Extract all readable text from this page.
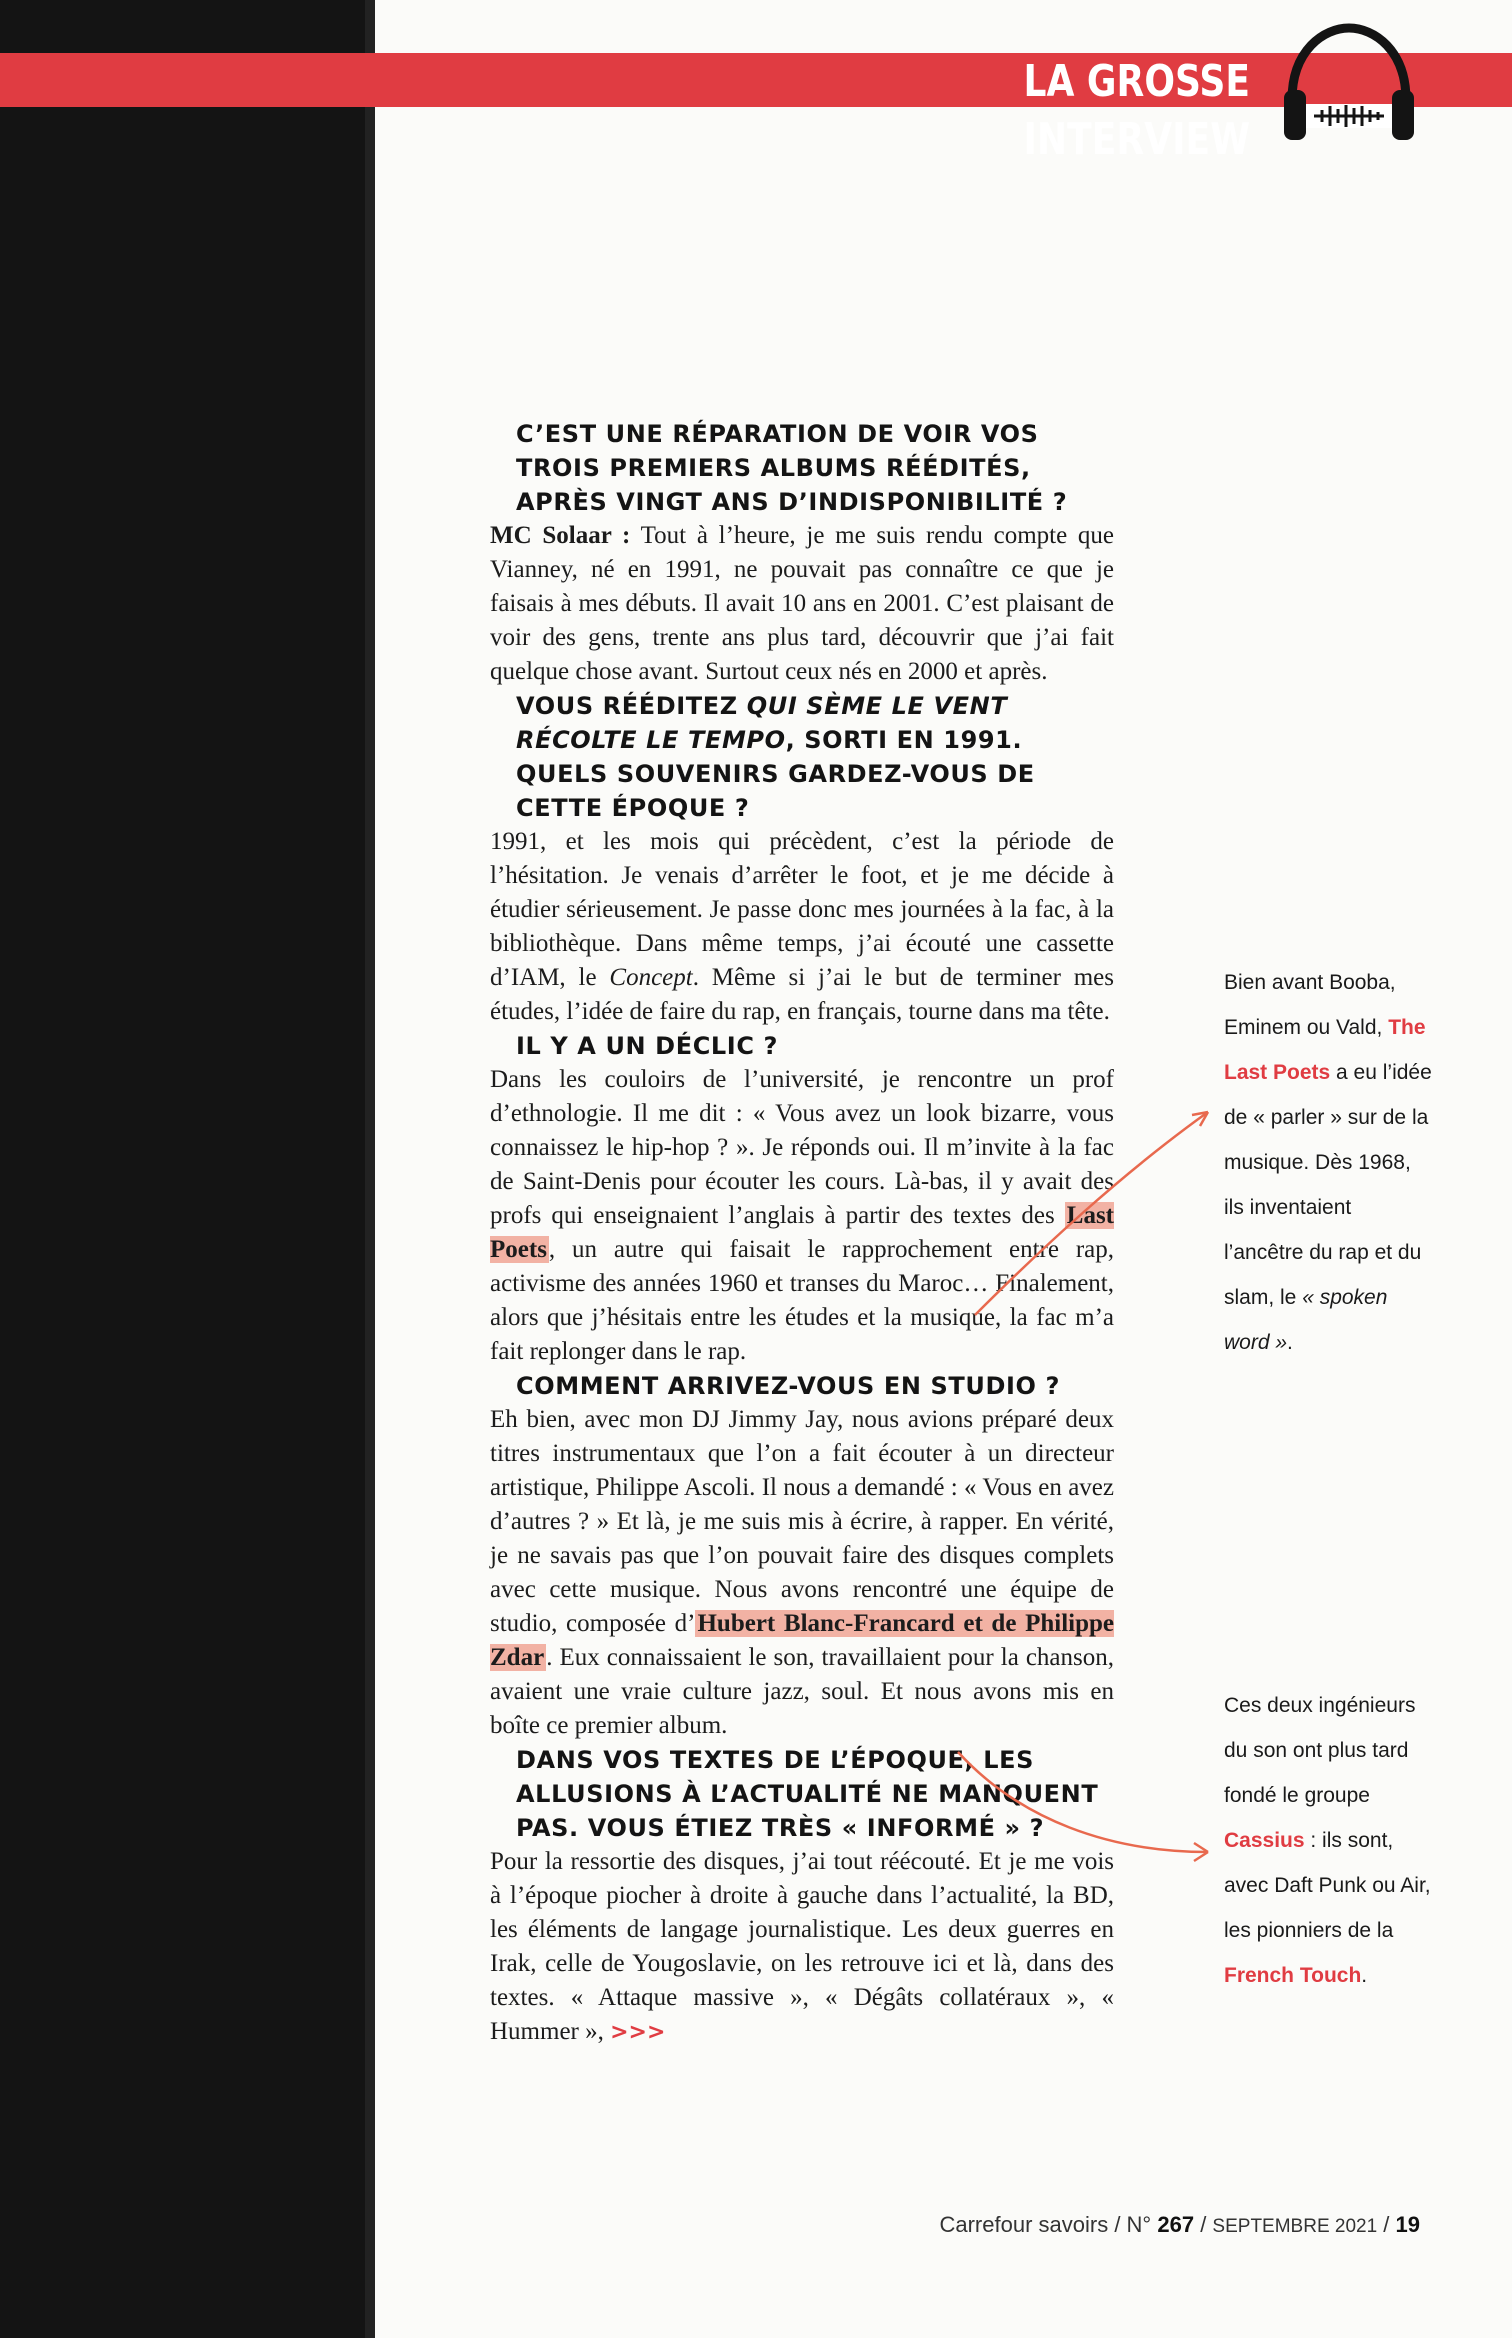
LA GROSSE INTERVIEW

C’EST UNE RÉPARATION DE VOIR VOS TROIS PREMIERS ALBUMS RÉÉDITÉS, APRÈS VINGT ANS D’INDISPONIBILITÉ ?

MC Solaar : Tout à l’heure, je me suis rendu compte que Vianney, né en 1991, ne pouvait pas connaître ce que je faisais à mes débuts. Il avait 10 ans en 2001. C’est plaisant de voir des gens, trente ans plus tard, découvrir que j’ai fait quelque chose avant. Surtout ceux nés en 2000 et après.

VOUS RÉÉDITEZ QUI SÈME LE VENT RÉCOLTE LE TEMPO, SORTI EN 1991. QUELS SOUVENIRS GARDEZ-VOUS DE CETTE ÉPOQUE ?

1991, et les mois qui précèdent, c’est la période de l’hésitation. Je venais d’arrêter le foot, et je me décide à étudier sérieusement. Je passe donc mes journées à la fac, à la bibliothèque. Dans même temps, j’ai écouté une cassette d’IAM, le Concept. Même si j’ai le but de terminer mes études, l’idée de faire du rap, en français, tourne dans ma tête.

IL Y A UN DÉCLIC ?

Dans les couloirs de l’université, je rencontre un prof d’ethnologie. Il me dit : « Vous avez un look bizarre, vous connaissez le hip-hop ? ». Je réponds oui. Il m’invite à la fac de Saint-Denis pour écouter les cours. Là-bas, il y avait des profs qui enseignaient l’anglais à partir des textes des Last Poets, un autre qui faisait le rapprochement entre rap, activisme des années 1960 et transes du Maroc… Finalement, alors que j’hésitais entre les études et la musique, la fac m’a fait replonger dans le rap.

COMMENT ARRIVEZ-VOUS EN STUDIO ?

Eh bien, avec mon DJ Jimmy Jay, nous avions préparé deux titres instrumentaux que l’on a fait écouter à un directeur artistique, Philippe Ascoli. Il nous a demandé : « Vous en avez d’autres ? » Et là, je me suis mis à écrire, à rapper. En vérité, je ne savais pas que l’on pouvait faire des disques complets avec cette musique. Nous avons rencontré une équipe de studio, composée d’Hubert Blanc-Francard et de Philippe Zdar. Eux connaissaient le son, travaillaient pour la chanson, avaient une vraie culture jazz, soul. Et nous avons mis en boîte ce premier album.

DANS VOS TEXTES DE L’ÉPOQUE, LES ALLUSIONS À L’ACTUALITÉ NE MANQUENT PAS. VOUS ÉTIEZ TRÈS « INFORMÉ » ?

Pour la ressortie des disques, j’ai tout réécouté. Et je me vois à l’époque piocher à droite à gauche dans l’actualité, la BD, les éléments de langage journalistique. Les deux guerres en Irak, celle de Yougoslavie, on les retrouve ici et là, dans des textes. « Attaque massive », « Dégâts collatéraux », « Hummer », >>>

Bien avant Booba, Eminem ou Vald, The Last Poets a eu l’idée de « parler » sur de la musique. Dès 1968, ils inventaient l’ancêtre du rap et du slam, le « spoken word ».

Ces deux ingénieurs du son ont plus tard fondé le groupe Cassius : ils sont, avec Daft Punk ou Air, les pionniers de la French Touch.

Carrefour savoirs / N° 267 / SEPTEMBRE 2021 / 19
